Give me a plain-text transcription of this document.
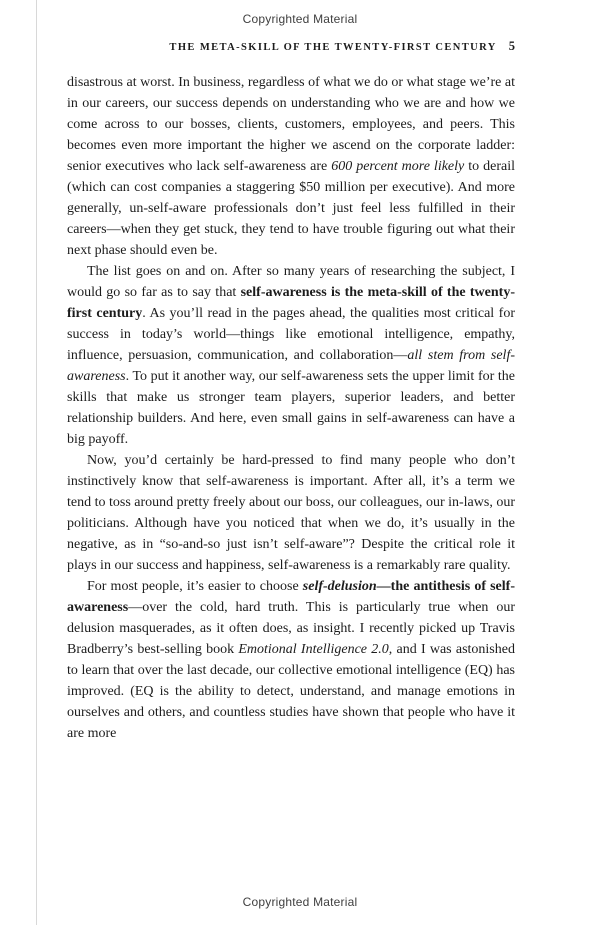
Copyrighted Material
THE META-SKILL OF THE TWENTY-FIRST CENTURY 5

disastrous at worst. In business, regardless of what we do or what stage we’re at in our careers, our success depends on understanding who we are and how we come across to our bosses, clients, customers, employees, and peers. This becomes even more important the higher we ascend on the corporate ladder: senior executives who lack self-awareness are 600 percent more likely to derail (which can cost companies a staggering $50 million per executive). And more generally, un-self-aware professionals don’t just feel less fulfilled in their careers—when they get stuck, they tend to have trouble figuring out what their next phase should even be.

The list goes on and on. After so many years of researching the subject, I would go so far as to say that self-awareness is the meta-skill of the twenty-first century. As you’ll read in the pages ahead, the qualities most critical for success in today’s world—things like emotional intelligence, empathy, influence, persuasion, communication, and collaboration—all stem from self-awareness. To put it another way, our self-awareness sets the upper limit for the skills that make us stronger team players, superior leaders, and better relationship builders. And here, even small gains in self-awareness can have a big payoff.

Now, you’d certainly be hard-pressed to find many people who don’t instinctively know that self-awareness is important. After all, it’s a term we tend to toss around pretty freely about our boss, our colleagues, our in-laws, our politicians. Although have you noticed that when we do, it’s usually in the negative, as in “so-and-so just isn’t self-aware”? Despite the critical role it plays in our success and happiness, self-awareness is a remarkably rare quality.

For most people, it’s easier to choose self-delusion—the antithesis of self-awareness—over the cold, hard truth. This is particularly true when our delusion masquerades, as it often does, as insight. I recently picked up Travis Bradberry’s best-selling book Emotional Intelligence 2.0, and I was astonished to learn that over the last decade, our collective emotional intelligence (EQ) has improved. (EQ is the ability to detect, understand, and manage emotions in ourselves and others, and countless studies have shown that people who have it are more

Copyrighted Material
